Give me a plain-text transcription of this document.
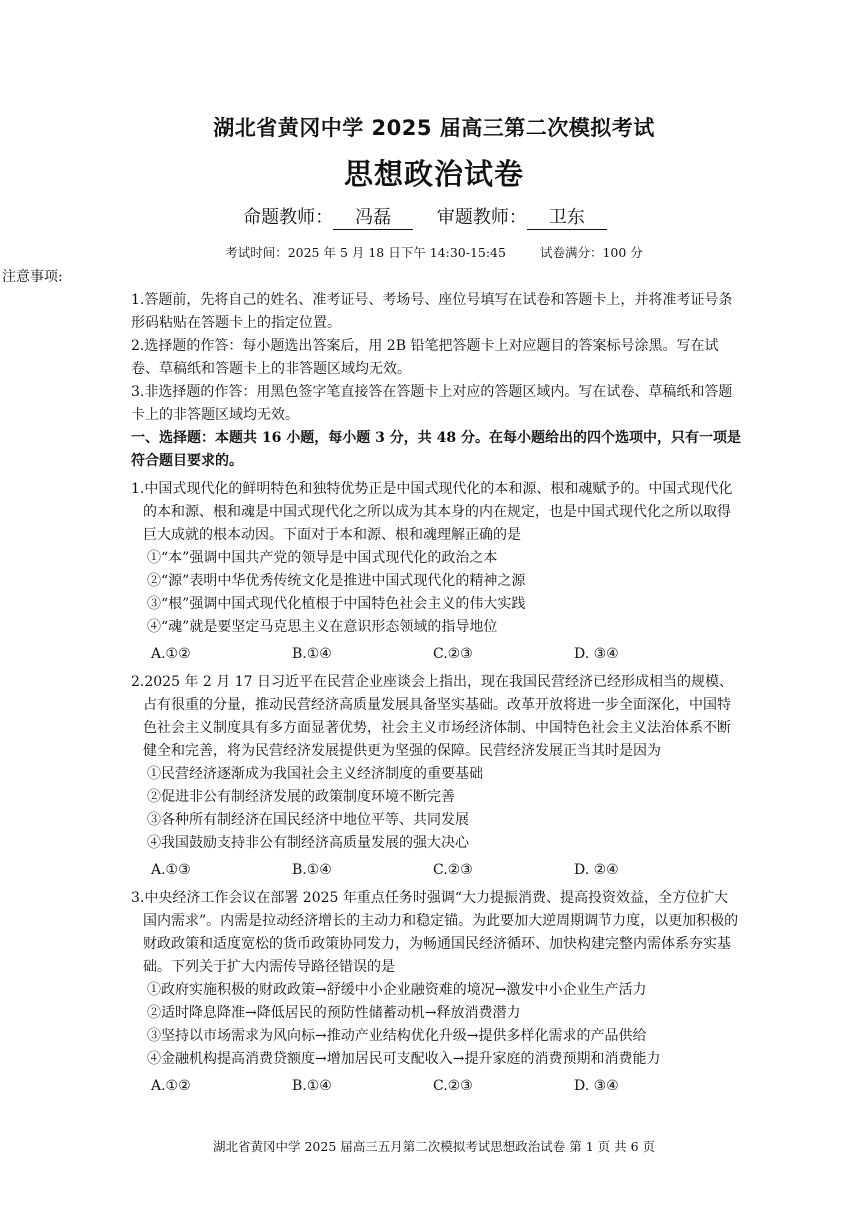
湖北省黄冈中学 2025 届高三第二次模拟考试
思想政治试卷
命题教师： 冯磊	审题教师： 卫东
考试时间：2025 年 5 月 18 日下午 14:30-15:45	试卷满分：100 分

注意事项:

1.答题前，先将自己的姓名、准考证号、考场号、座位号填写在试卷和答题卡上，并将准考证号条形码粘贴在答题卡上的指定位置。

2.选择题的作答：每小题选出答案后，用 2B 铅笔把答题卡上对应题目的答案标号涂黑。写在试卷、草稿纸和答题卡上的非答题区域均无效。

3.非选择题的作答：用黑色签字笔直接答在答题卡上对应的答题区域内。写在试卷、草稿纸和答题卡上的非答题区域均无效。

一、选择题：本题共 16 小题，每小题 3 分，共 48 分。在每小题给出的四个选项中，只有一项是符合题目要求的。

1.中国式现代化的鲜明特色和独特优势正是中国式现代化的本和源、根和魂赋予的。中国式现代化的本和源、根和魂是中国式现代化之所以成为其本身的内在规定，也是中国式现代化之所以取得巨大成就的根本动因。下面对于本和源、根和魂理解正确的是

①“本”强调中国共产党的领导是中国式现代化的政治之本

②“源”表明中华优秀传统文化是推进中国式现代化的精神之源

③“根”强调中国式现代化植根于中国特色社会主义的伟大实践

④“魂”就是要坚定马克思主义在意识形态领域的指导地位

A.①②	B.①④	C.②③	D. ③④

2.2025 年 2 月 17 日习近平在民营企业座谈会上指出，现在我国民营经济已经形成相当的规模、占有很重的分量，推动民营经济高质量发展具备坚实基础。改革开放将进一步全面深化，中国特色社会主义制度具有多方面显著优势，社会主义市场经济体制、中国特色社会主义法治体系不断健全和完善，将为民营经济发展提供更为坚强的保障。民营经济发展正当其时是因为

①民营经济逐渐成为我国社会主义经济制度的重要基础

②促进非公有制经济发展的政策制度环境不断完善

③各种所有制经济在国民经济中地位平等、共同发展

④我国鼓励支持非公有制经济高质量发展的强大决心

A.①③	B.①④	C.②③	D. ②④

3.中央经济工作会议在部署 2025 年重点任务时强调“大力提振消费、提高投资效益，全方位扩大国内需求”。内需是拉动经济增长的主动力和稳定锚。为此要加大逆周期调节力度，以更加积极的财政政策和适度宽松的货币政策协同发力，为畅通国民经济循环、加快构建完整内需体系夯实基础。下列关于扩大内需传导路径错误的是

①政府实施积极的财政政策→舒缓中小企业融资难的境况→激发中小企业生产活力

②适时降息降准→降低居民的预防性储蓄动机→释放消费潜力

③坚持以市场需求为风向标→推动产业结构优化升级→提供多样化需求的产品供给

④金融机构提高消费贷额度→增加居民可支配收入→提升家庭的消费预期和消费能力

A.①②	B.①④	C.②③	D. ③④
湖北省黄冈中学 2025 届高三五月第二次模拟考试思想政治试卷 第 1 页 共 6 页
